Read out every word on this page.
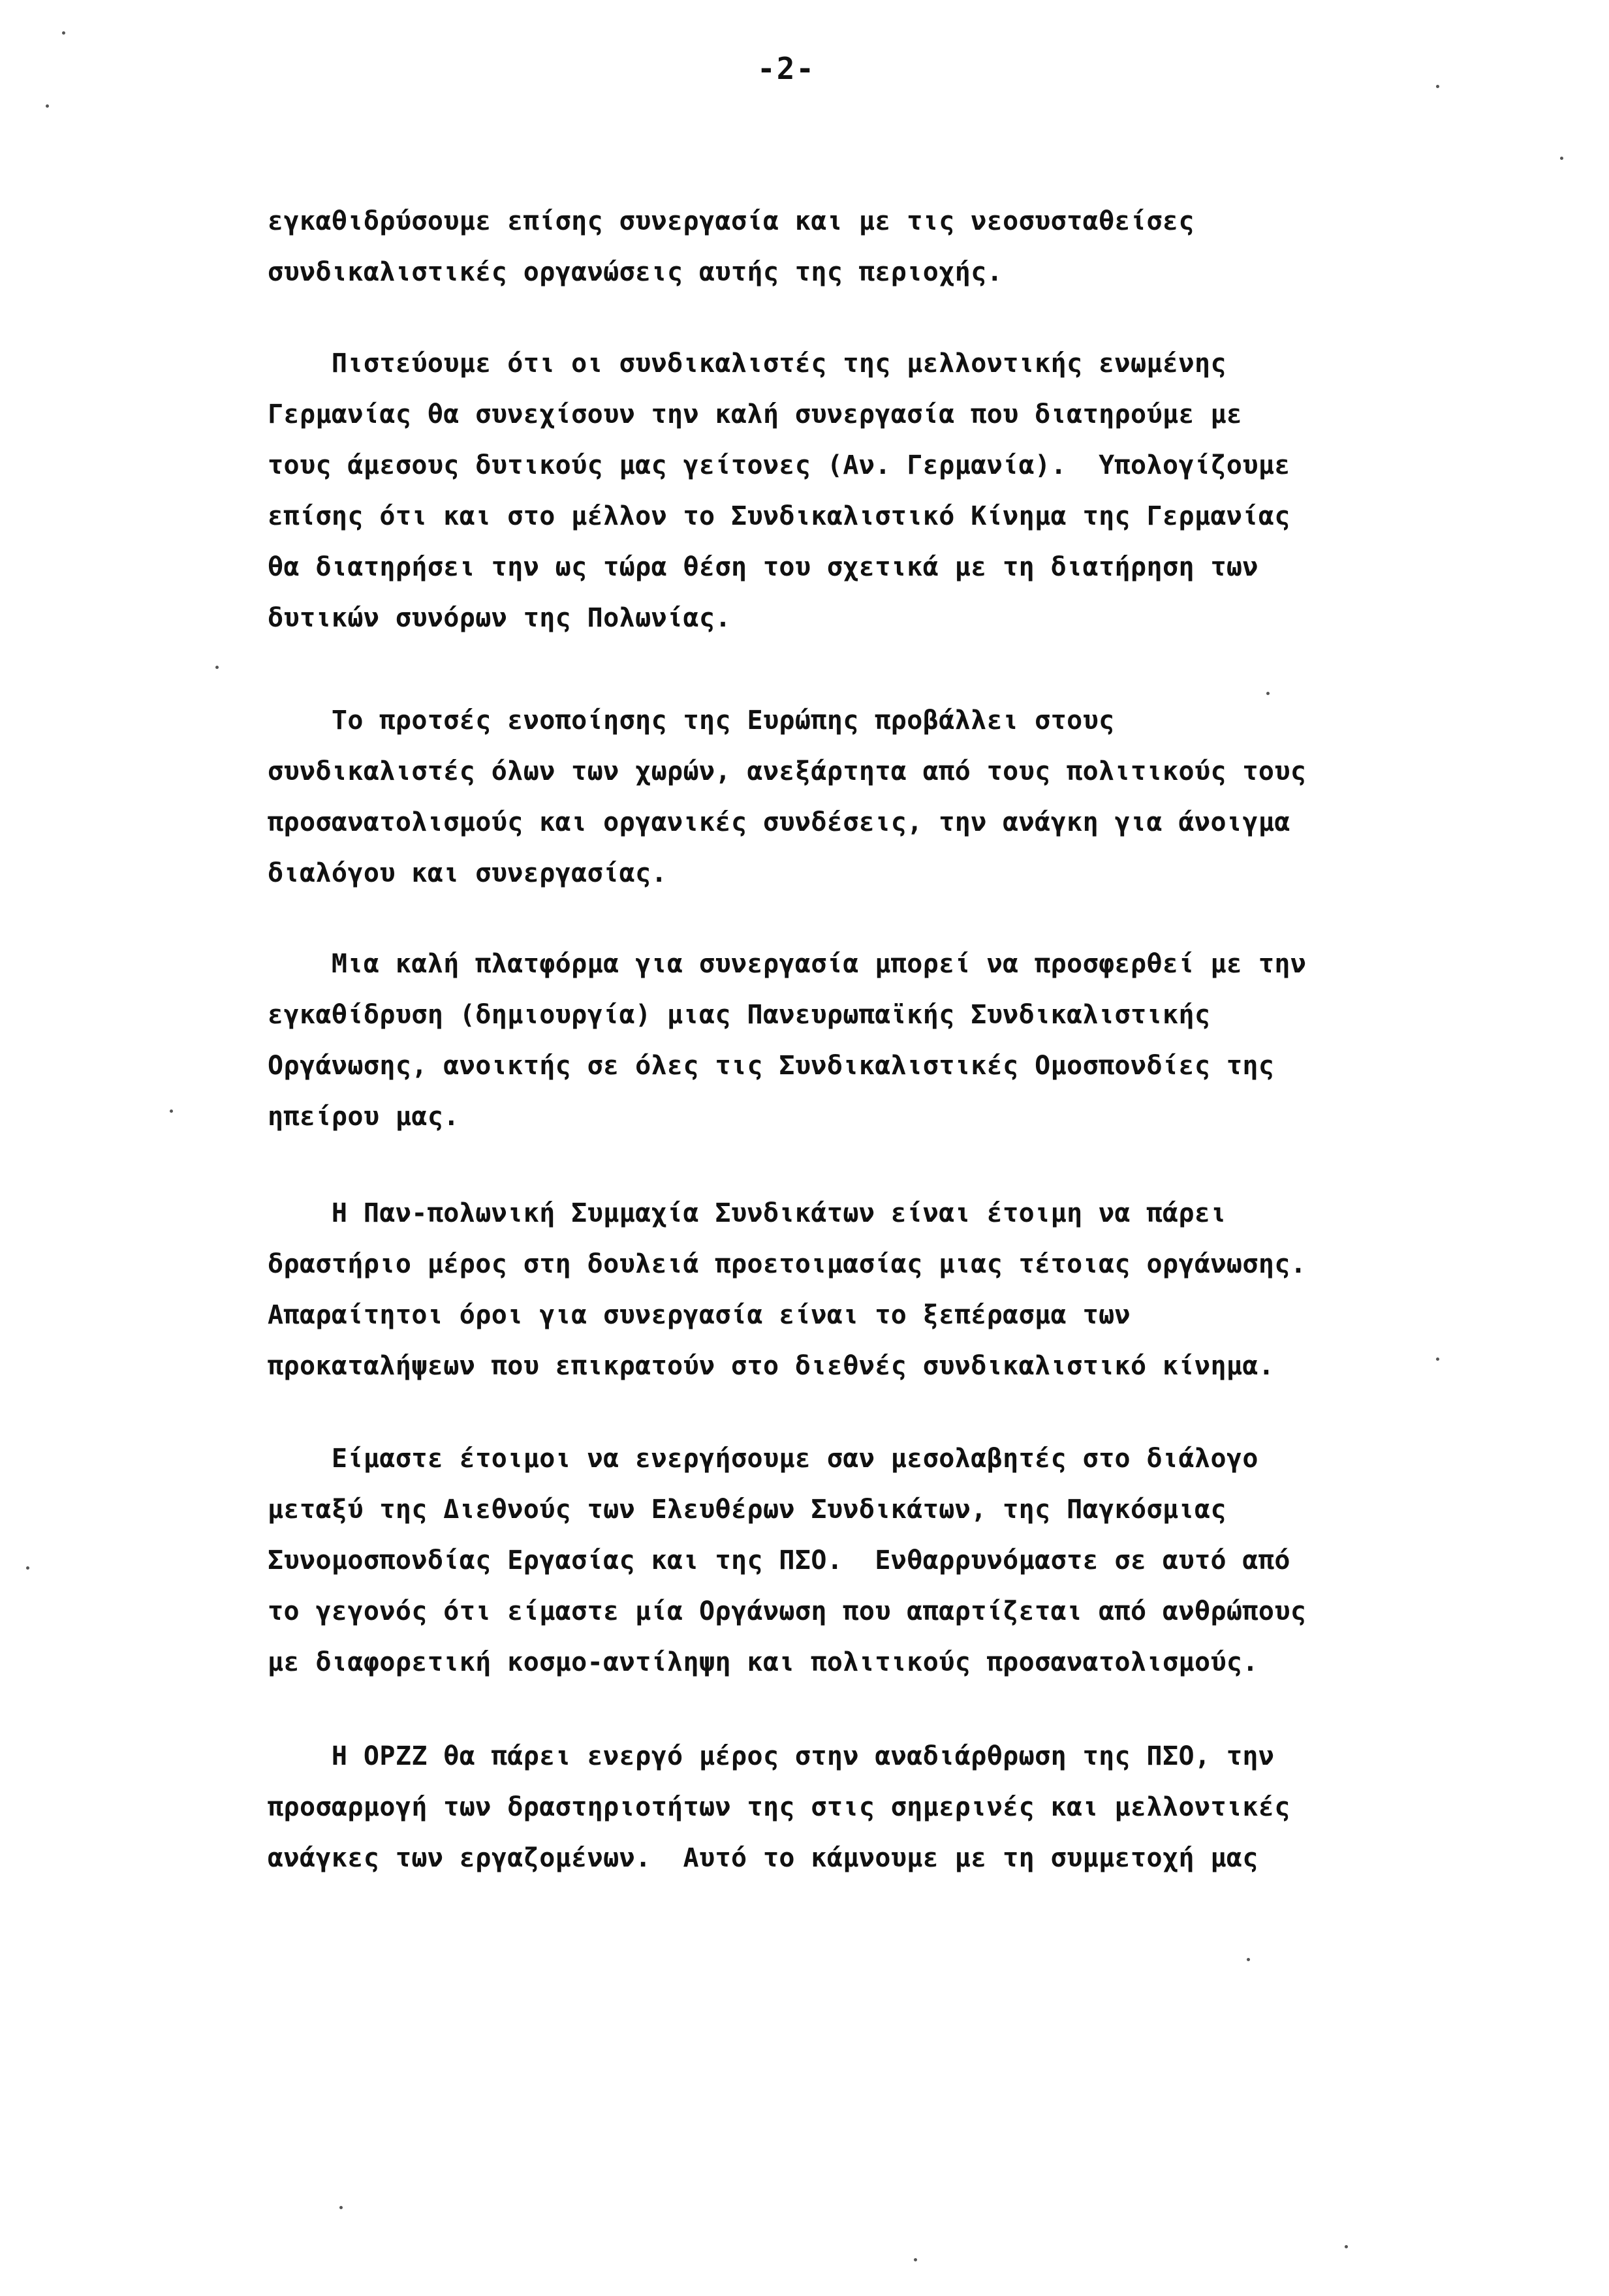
-2-
εγκαθιδρύσουμε επίσης συνεργασία και με τις νεοσυσταθείσες
συνδικαλιστικές οργανώσεις αυτής της περιοχής.
Πιστεύουμε ότι οι συνδικαλιστές της μελλοντικής ενωμένης
Γερμανίας θα συνεχίσουν την καλή συνεργασία που διατηρούμε με
τους άμεσους δυτικούς μας γείτονες (Αν. Γερμανία).  Υπολογίζουμε
επίσης ότι και στο μέλλον το Συνδικαλιστικό Κίνημα της Γερμανίας
θα διατηρήσει την ως τώρα θέση του σχετικά με τη διατήρηση των
δυτικών συνόρων της Πολωνίας.
Το προτσές ενοποίησης της Ευρώπης προβάλλει στους
συνδικαλιστές όλων των χωρών, ανεξάρτητα από τους πολιτικούς τους
προσανατολισμούς και οργανικές συνδέσεις, την ανάγκη για άνοιγμα
διαλόγου και συνεργασίας.
Μια καλή πλατφόρμα για συνεργασία μπορεί να προσφερθεί με την
εγκαθίδρυση (δημιουργία) μιας Πανευρωπαϊκής Συνδικαλιστικής
Οργάνωσης, ανοικτής σε όλες τις Συνδικαλιστικές Ομοσπονδίες της
ηπείρου μας.
Η Παν-πολωνική Συμμαχία Συνδικάτων είναι έτοιμη να πάρει
δραστήριο μέρος στη δουλειά προετοιμασίας μιας τέτοιας οργάνωσης.
Απαραίτητοι όροι για συνεργασία είναι το ξεπέρασμα των
προκαταλήψεων που επικρατούν στο διεθνές συνδικαλιστικό κίνημα.
Είμαστε έτοιμοι να ενεργήσουμε σαν μεσολαβητές στο διάλογο
μεταξύ της Διεθνούς των Ελευθέρων Συνδικάτων, της Παγκόσμιας
Συνομοσπονδίας Εργασίας και της ΠΣΟ.  Ενθαρρυνόμαστε σε αυτό από
το γεγονός ότι είμαστε μία Οργάνωση που απαρτίζεται από ανθρώπους
με διαφορετική κοσμο-αντίληψη και πολιτικούς προσανατολισμούς.
Η ΟΡΖΖ θα πάρει ενεργό μέρος στην αναδιάρθρωση της ΠΣΟ, την
προσαρμογή των δραστηριοτήτων της στις σημερινές και μελλοντικές
ανάγκες των εργαζομένων.  Αυτό το κάμνουμε με τη συμμετοχή μας
